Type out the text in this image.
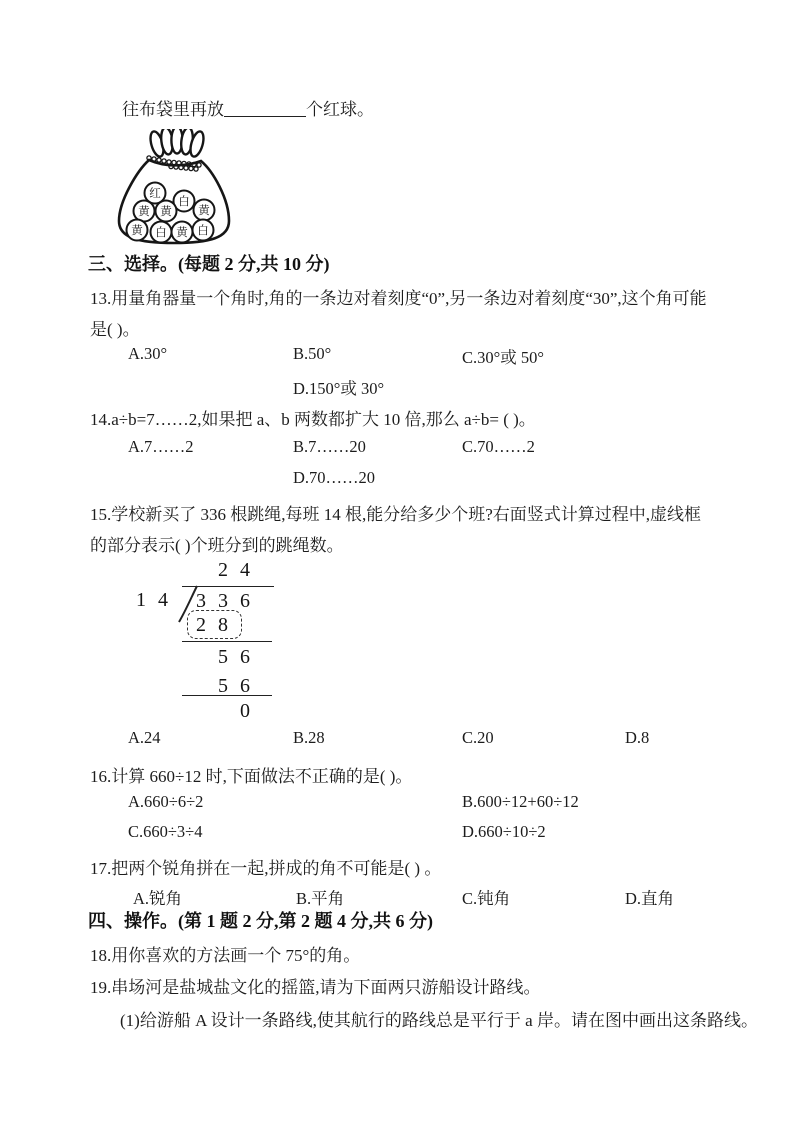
往布袋里再放	个红球。
红
白
黄
黄 黄
黄 白 黄 白
三、选择。(每题 2 分,共 10 分)
13.用量角器量一个角时,角的一条边对着刻度“0”,另一条边对着刻度“30”,这个角可能是( )。
A.30°	B.50°	C.30°或 50°
D.150°或 30°
14.a÷b=7……2,如果把 a、b 两数都扩大 10 倍,那么 a÷b= ( )。
A.7……2	B.7……20	C.70……2
D.70……20
15.学校新买了 336 根跳绳,每班 14 根,能分给多少个班?右面竖式计算过程中,虚线框的部分表示( )个班分到的跳绳数。
24
14 336
28
56
56
0
A.24	B.28	C.20	D.8
16.计算 660÷12 时,下面做法不正确的是( )。
A.660÷6÷2	B.600÷12+60÷12
C.660÷3÷4	D.660÷10÷2
17.把两个锐角拼在一起,拼成的角不可能是( ) 。
A.锐角	B.平角	C.钝角	D.直角
四、操作。(第 1 题 2 分,第 2 题 4 分,共 6 分)
18.用你喜欢的方法画一个 75°的角。
19.串场河是盐城盐文化的摇篮,请为下面两只游船设计路线。
(1)给游船 A 设计一条路线,使其航行的路线总是平行于 a 岸。请在图中画出这条路线。
